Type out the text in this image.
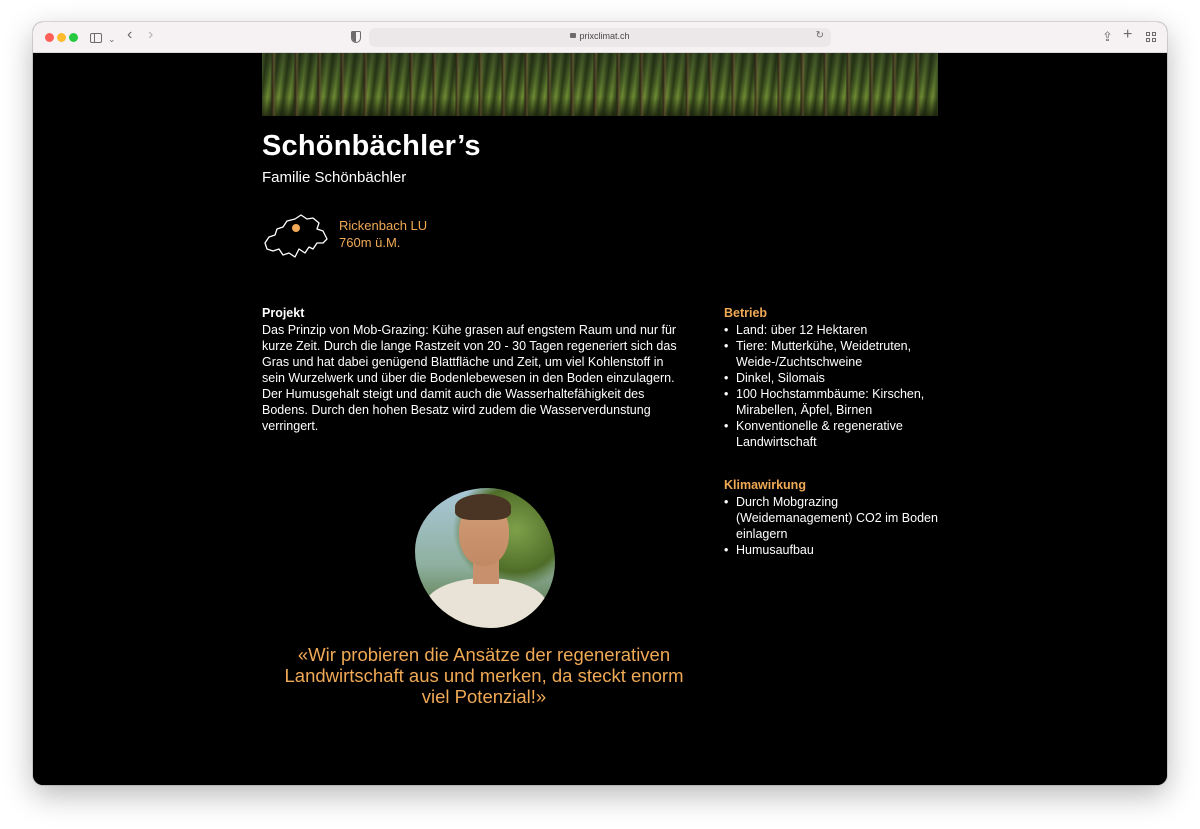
⌄ ‹ ›	prixclimat.ch	↻	⇪ +
Schönbächler’s
Familie Schönbächler
Rickenbach LU
760m ü.M.
Projekt

Das Prinzip von Mob-Grazing: Kühe grasen auf engstem Raum und nur für kurze Zeit. Durch die lange Rastzeit von 20 - 30 Tagen regeneriert sich das Gras und hat dabei genügend Blattfläche und Zeit, um viel Kohlenstoff in sein Wurzelwerk und über die Bodenlebewesen in den Boden einzulagern. Der Humusgehalt steigt und damit auch die Wasserhaltefähigkeit des Bodens. Durch den hohen Besatz wird zudem die Wasserverdunstung verringert.

Betrieb
• Land: über 12 Hektaren
• Tiere: Mutterkühe, Weidetruten, Weide-/Zuchtschweine
• Dinkel, Silomais
• 100 Hochstammbäume: Kirschen, Mirabellen, Äpfel, Birnen
• Konventionelle & regenerative Landwirtschaft
Klimawirkung
• Durch Mobgrazing (Weidemanagement) CO2 im Boden einlagern
• Humusaufbau
«Wir probieren die Ansätze der regenerativen Landwirtschaft aus und merken, da steckt enorm viel Potenzial!»
